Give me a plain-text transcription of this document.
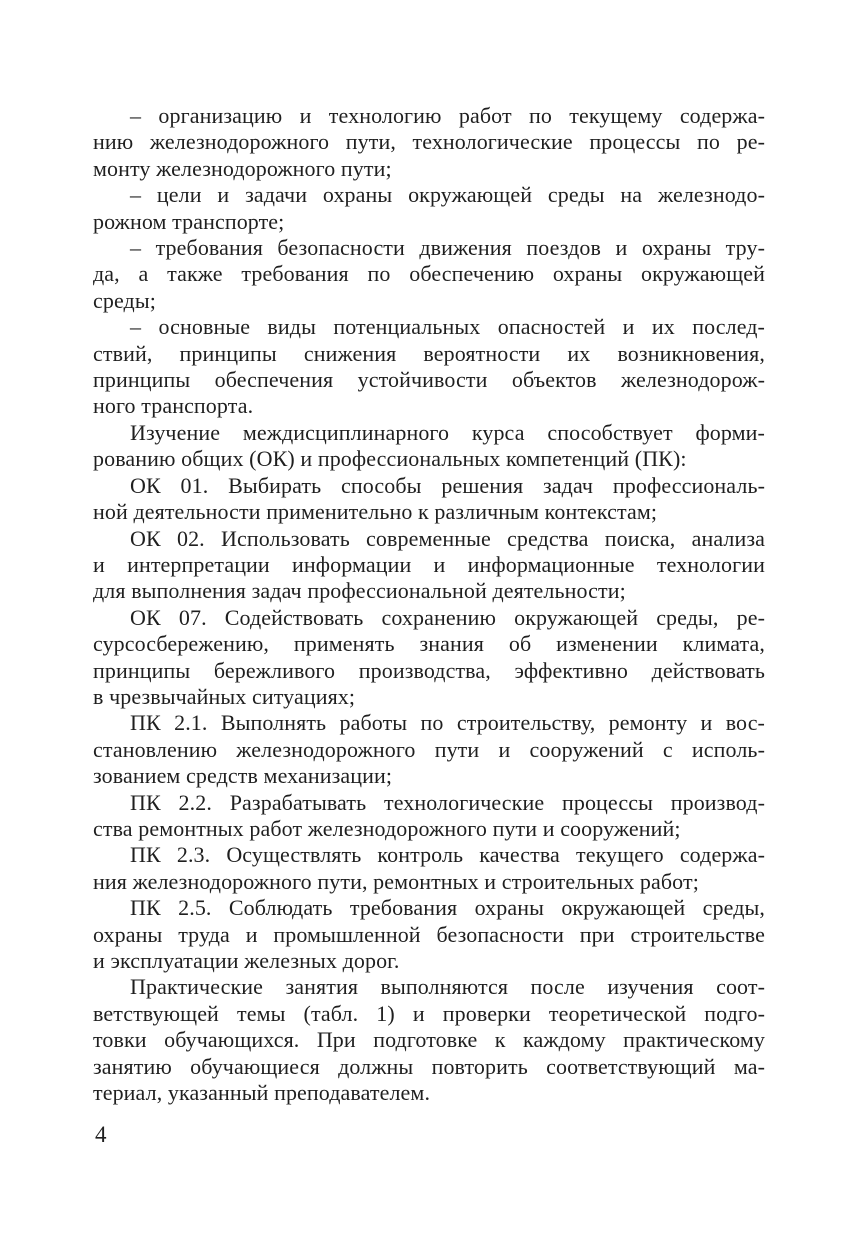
– организацию и технологию работ по текущему содержа-
нию железнодорожного пути, технологические процессы по ре-
монту железнодорожного пути;
– цели и задачи охраны окружающей среды на железнодо-
рожном транспорте;
– требования безопасности движения поездов и охраны тру-
да, а также требования по обеспечению охраны окружающей
среды;
– основные виды потенциальных опасностей и их послед-
ствий, принципы снижения вероятности их возникновения,
принципы обеспечения устойчивости объектов железнодорож-
ного транспорта.
Изучение междисциплинарного курса способствует форми-
рованию общих (ОК) и профессиональных компетенций (ПК):
ОК 01. Выбирать способы решения задач профессиональ-
ной деятельности применительно к различным контекстам;
ОК 02. Использовать современные средства поиска, анализа
и интерпретации информации и информационные технологии
для выполнения задач профессиональной деятельности;
ОК 07. Содействовать сохранению окружающей среды, ре-
сурсосбережению, применять знания об изменении климата,
принципы бережливого производства, эффективно действовать
в чрезвычайных ситуациях;
ПК 2.1. Выполнять работы по строительству, ремонту и вос-
становлению железнодорожного пути и сооружений с исполь-
зованием средств механизации;
ПК 2.2. Разрабатывать технологические процессы производ-
ства ремонтных работ железнодорожного пути и сооружений;
ПК 2.3. Осуществлять контроль качества текущего содержа-
ния железнодорожного пути, ремонтных и строительных работ;
ПК 2.5. Соблюдать требования охраны окружающей среды,
охраны труда и промышленной безопасности при строительстве
и эксплуатации железных дорог.
Практические занятия выполняются после изучения соот-
ветствующей темы (табл. 1) и проверки теоретической подго-
товки обучающихся. При подготовке к каждому практическому
занятию обучающиеся должны повторить соответствующий ма-
териал, указанный преподавателем.
4
